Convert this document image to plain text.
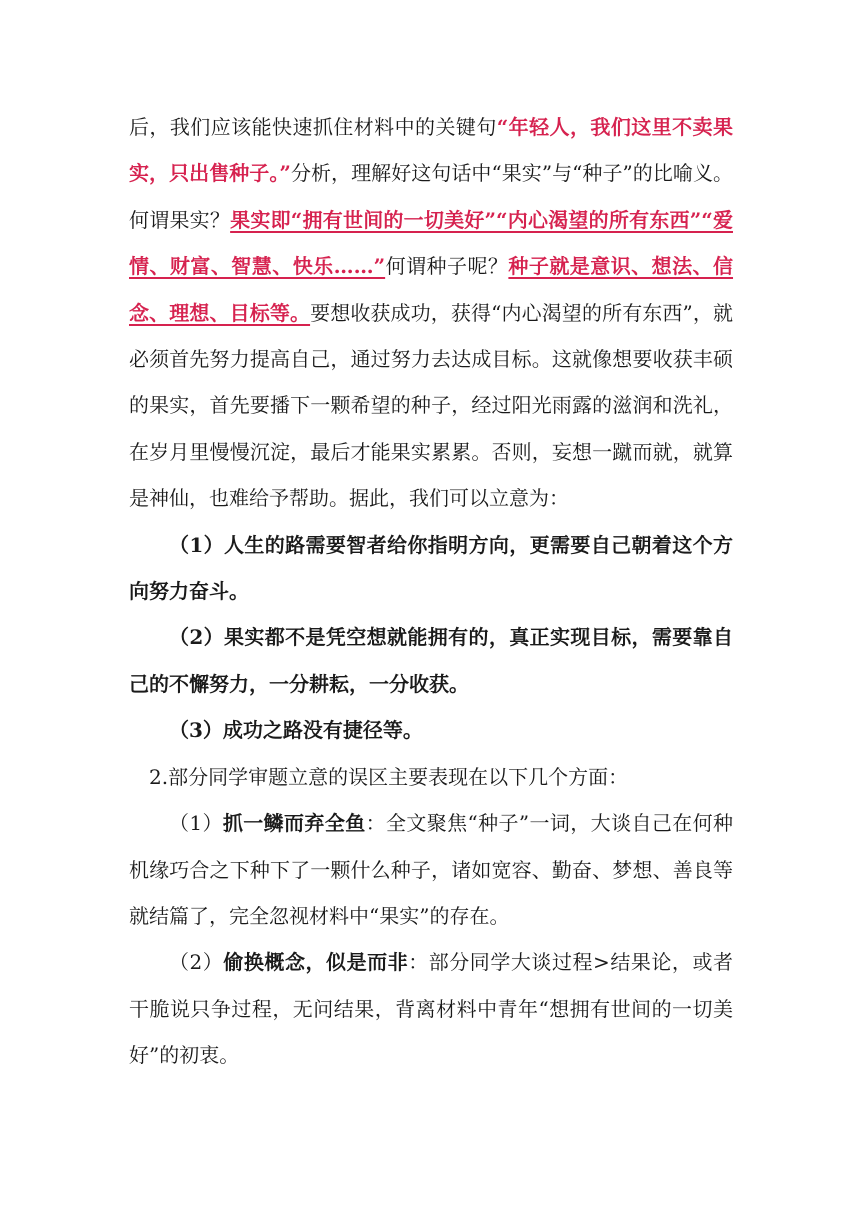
后，我们应该能快速抓住材料中的关键句“年轻人，我们这里不卖果实，只出售种子。”分析，理解好这句话中“果实”与“种子”的比喻义。何谓果实？果实即“拥有世间的一切美好”“内心渴望的所有东西”“爱情、财富、智慧、快乐……”何谓种子呢？种子就是意识、想法、信念、理想、目标等。要想收获成功，获得“内心渴望的所有东西”，就必须首先努力提高自己，通过努力去达成目标。这就像想要收获丰硕的果实，首先要播下一颗希望的种子，经过阳光雨露的滋润和洗礼，在岁月里慢慢沉淀，最后才能果实累累。否则，妄想一蹴而就，就算是神仙，也难给予帮助。据此，我们可以立意为：

（1）人生的路需要智者给你指明方向，更需要自己朝着这个方向努力奋斗。

（2）果实都不是凭空想就能拥有的，真正实现目标，需要靠自己的不懈努力，一分耕耘，一分收获。

（3）成功之路没有捷径等。

2.部分同学审题立意的误区主要表现在以下几个方面：

（1）抓一鳞而弃全鱼：全文聚焦“种子”一词，大谈自己在何种机缘巧合之下种下了一颗什么种子，诸如宽容、勤奋、梦想、善良等就结篇了，完全忽视材料中“果实”的存在。

（2）偷换概念，似是而非：部分同学大谈过程>结果论，或者干脆说只争过程，无问结果，背离材料中青年“想拥有世间的一切美好”的初衷。
